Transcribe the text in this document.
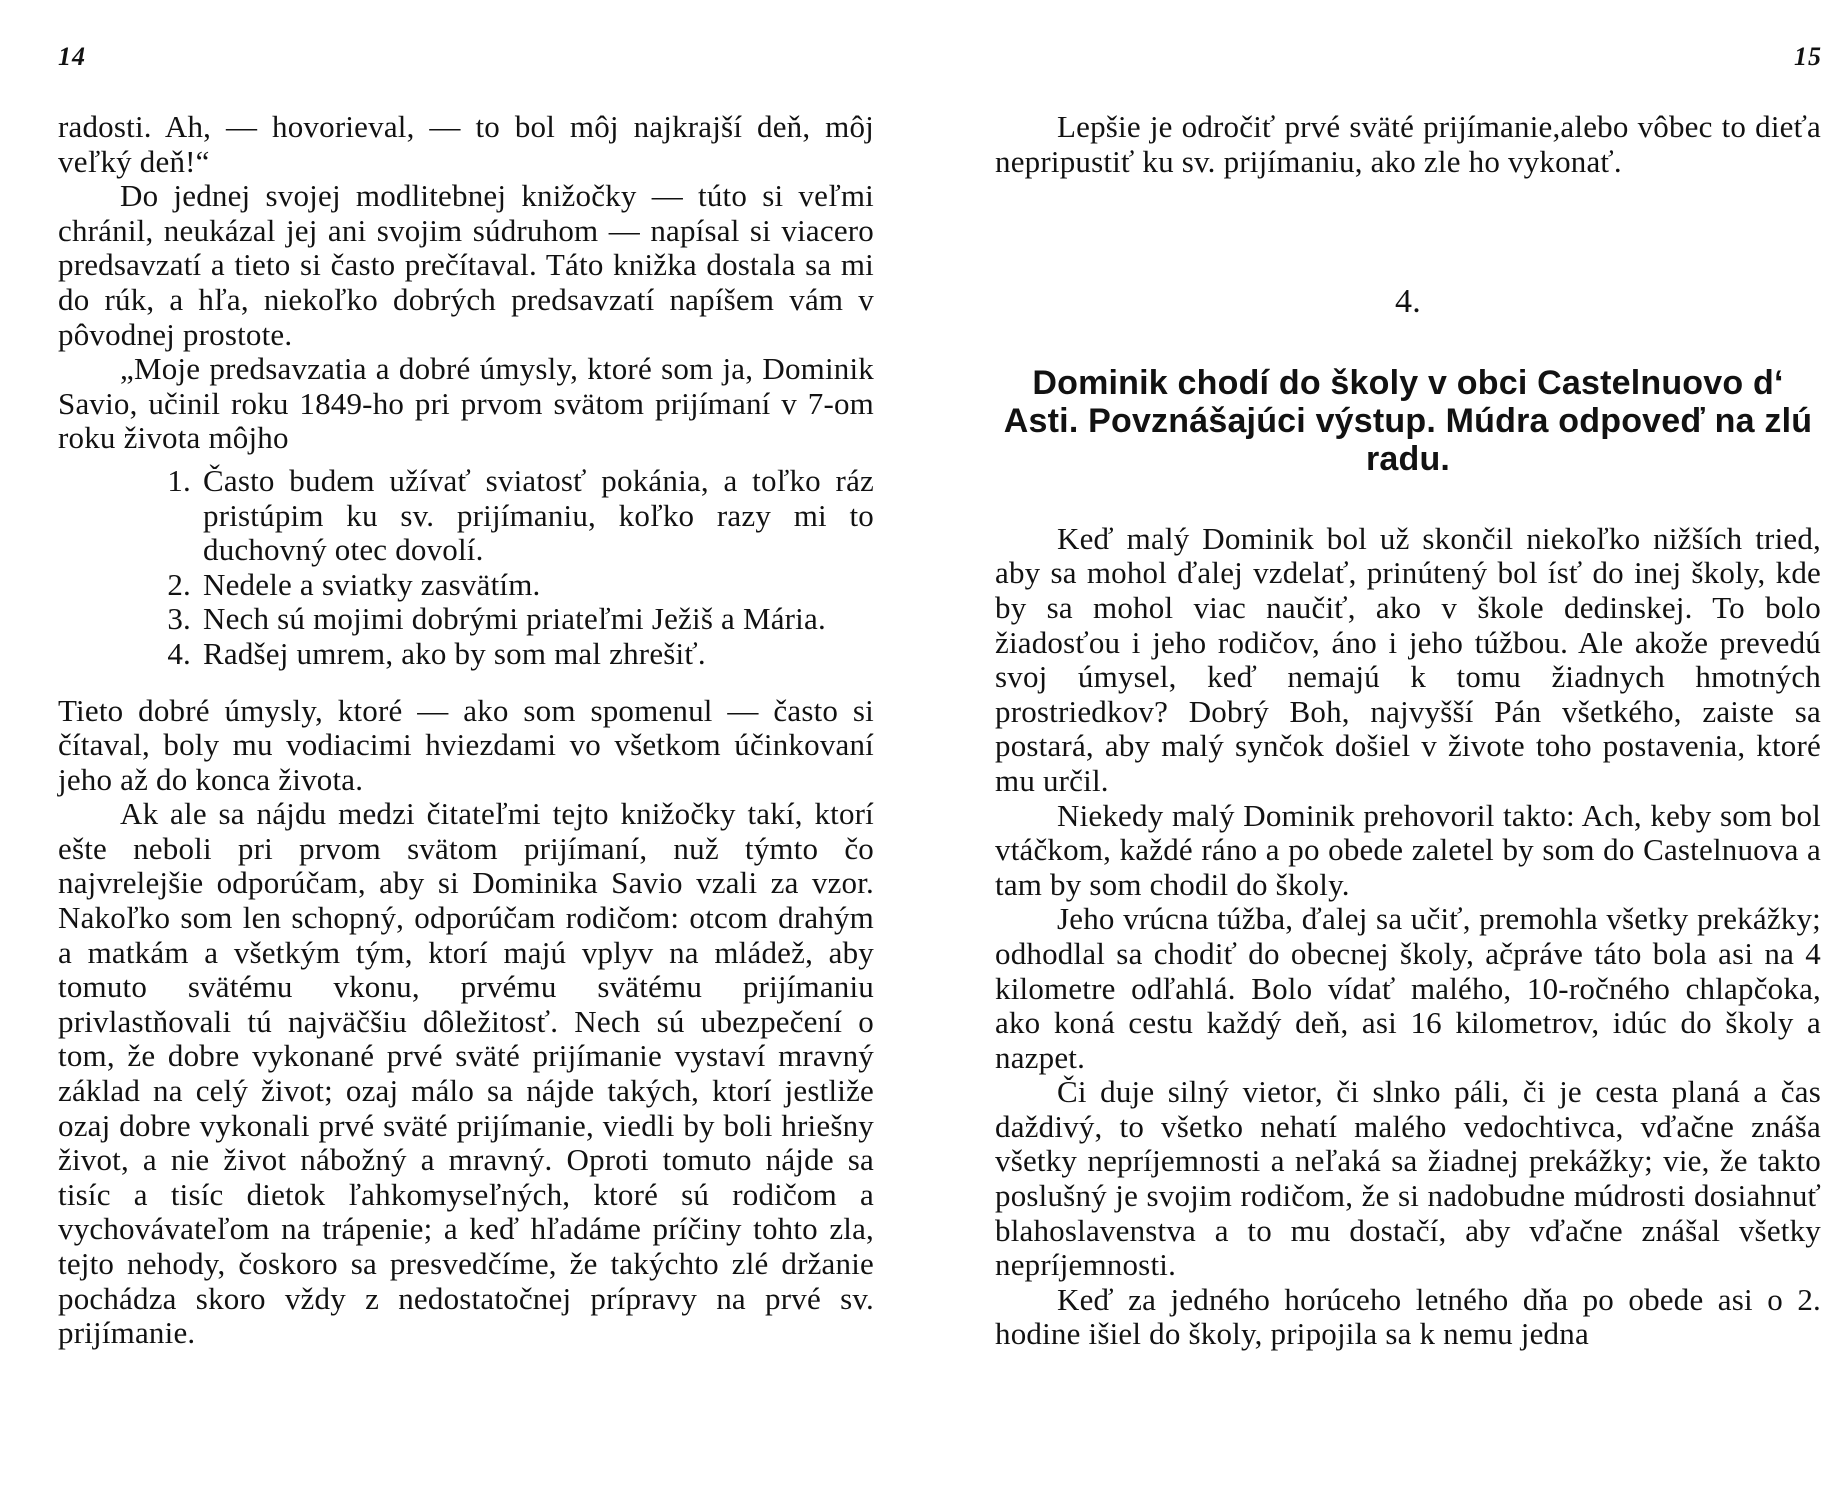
14

radosti. Ah, — hovorieval, — to bol môj najkrajší deň, môj veľký deň!“

Do jednej svojej modlitebnej knižočky — túto si veľmi chránil, neukázal jej ani svojim súdruhom — napísal si viacero predsavzatí a tieto si často prečítaval. Táto knižka dostala sa mi do rúk, a hľa, niekoľko dobrých predsavzatí napíšem vám v pôvodnej prostote.

„Moje predsavzatia a dobré úmysly, ktoré som ja, Dominik Savio, učinil roku 1849-ho pri prvom svätom prijímaní v 7-om roku života môjho

1. Často budem užívať sviatosť pokánia, a toľko ráz pristúpim ku sv. prijímaniu, koľko razy mi to duchovný otec dovolí.
2. Nedele a sviatky zasvätím.
3. Nech sú mojimi dobrými priateľmi Ježiš a Mária.
4. Radšej umrem, ako by som mal zhrešiť.

Tieto dobré úmysly, ktoré — ako som spomenul — často si čítaval, boly mu vodiacimi hviezdami vo všetkom účinkovaní jeho až do konca života.

Ak ale sa nájdu medzi čitateľmi tejto knižočky takí, ktorí ešte neboli pri prvom svätom prijímaní, nuž týmto čo najvrelejšie odporúčam, aby si Dominika Savio vzali za vzor. Nakoľko som len schopný, odporúčam rodičom: otcom drahým a matkám a všetkým tým, ktorí majú vplyv na mládež, aby tomuto svätému vkonu, prvému svätému prijímaniu privlastňovali tú najväčšiu dôležitosť. Nech sú ubezpečení o tom, že dobre vykonané prvé sväté prijímanie vystaví mravný základ na celý život; ozaj málo sa nájde takých, ktorí jestliže ozaj dobre vykonali prvé sväté prijímanie, viedli by boli hriešny život, a nie život nábožný a mravný. Oproti tomuto nájde sa tisíc a tisíc dietok ľahkomyseľných, ktoré sú rodičom a vychovávateľom na trápenie; a keď hľadáme príčiny tohto zla, tejto nehody, čoskoro sa presvedčíme, že takýchto zlé držanie pochádza skoro vždy z nedostatočnej prípravy na prvé sv. prijímanie.

15

Lepšie je odročiť prvé sväté prijímanie,alebo vôbec to dieťa nepripustiť ku sv. prijímaniu, ako zle ho vykonať.

4.
Dominik chodí do školy v obci Castelnuovo d‘ Asti. Povznášajúci výstup. Múdra odpoveď na zlú radu.

Keď malý Dominik bol už skončil niekoľko nižších tried, aby sa mohol ďalej vzdelať, prinútený bol ísť do inej školy, kde by sa mohol viac naučiť, ako v škole dedinskej. To bolo žiadosťou i jeho rodičov, áno i jeho túžbou. Ale akože prevedú svoj úmysel, keď nemajú k tomu žiadnych hmotných prostriedkov? Dobrý Boh, najvyšší Pán všetkého, zaiste sa postará, aby malý synčok došiel v živote toho postavenia, ktoré mu určil.

Niekedy malý Dominik prehovoril takto: Ach, keby som bol vtáčkom, každé ráno a po obede zaletel by som do Castelnuova a tam by som chodil do školy.

Jeho vrúcna túžba, ďalej sa učiť, premohla všetky prekážky; odhodlal sa chodiť do obecnej školy, ačpráve táto bola asi na 4 kilometre odľahlá. Bolo vídať malého, 10-ročného chlapčoka, ako koná cestu každý deň, asi 16 kilometrov, idúc do školy a nazpet.

Či duje silný vietor, či slnko páli, či je cesta planá a čas daždivý, to všetko nehatí malého vedochtivca, vďačne znáša všetky nepríjemnosti a neľaká sa žiadnej prekážky; vie, že takto poslušný je svojim rodičom, že si nadobudne múdrosti dosiahnuť blahoslavenstva a to mu dostačí, aby vďačne znášal všetky nepríjemnosti.

Keď za jedného horúceho letného dňa po obede asi o 2. hodine išiel do školy, pripojila sa k nemu jedna
